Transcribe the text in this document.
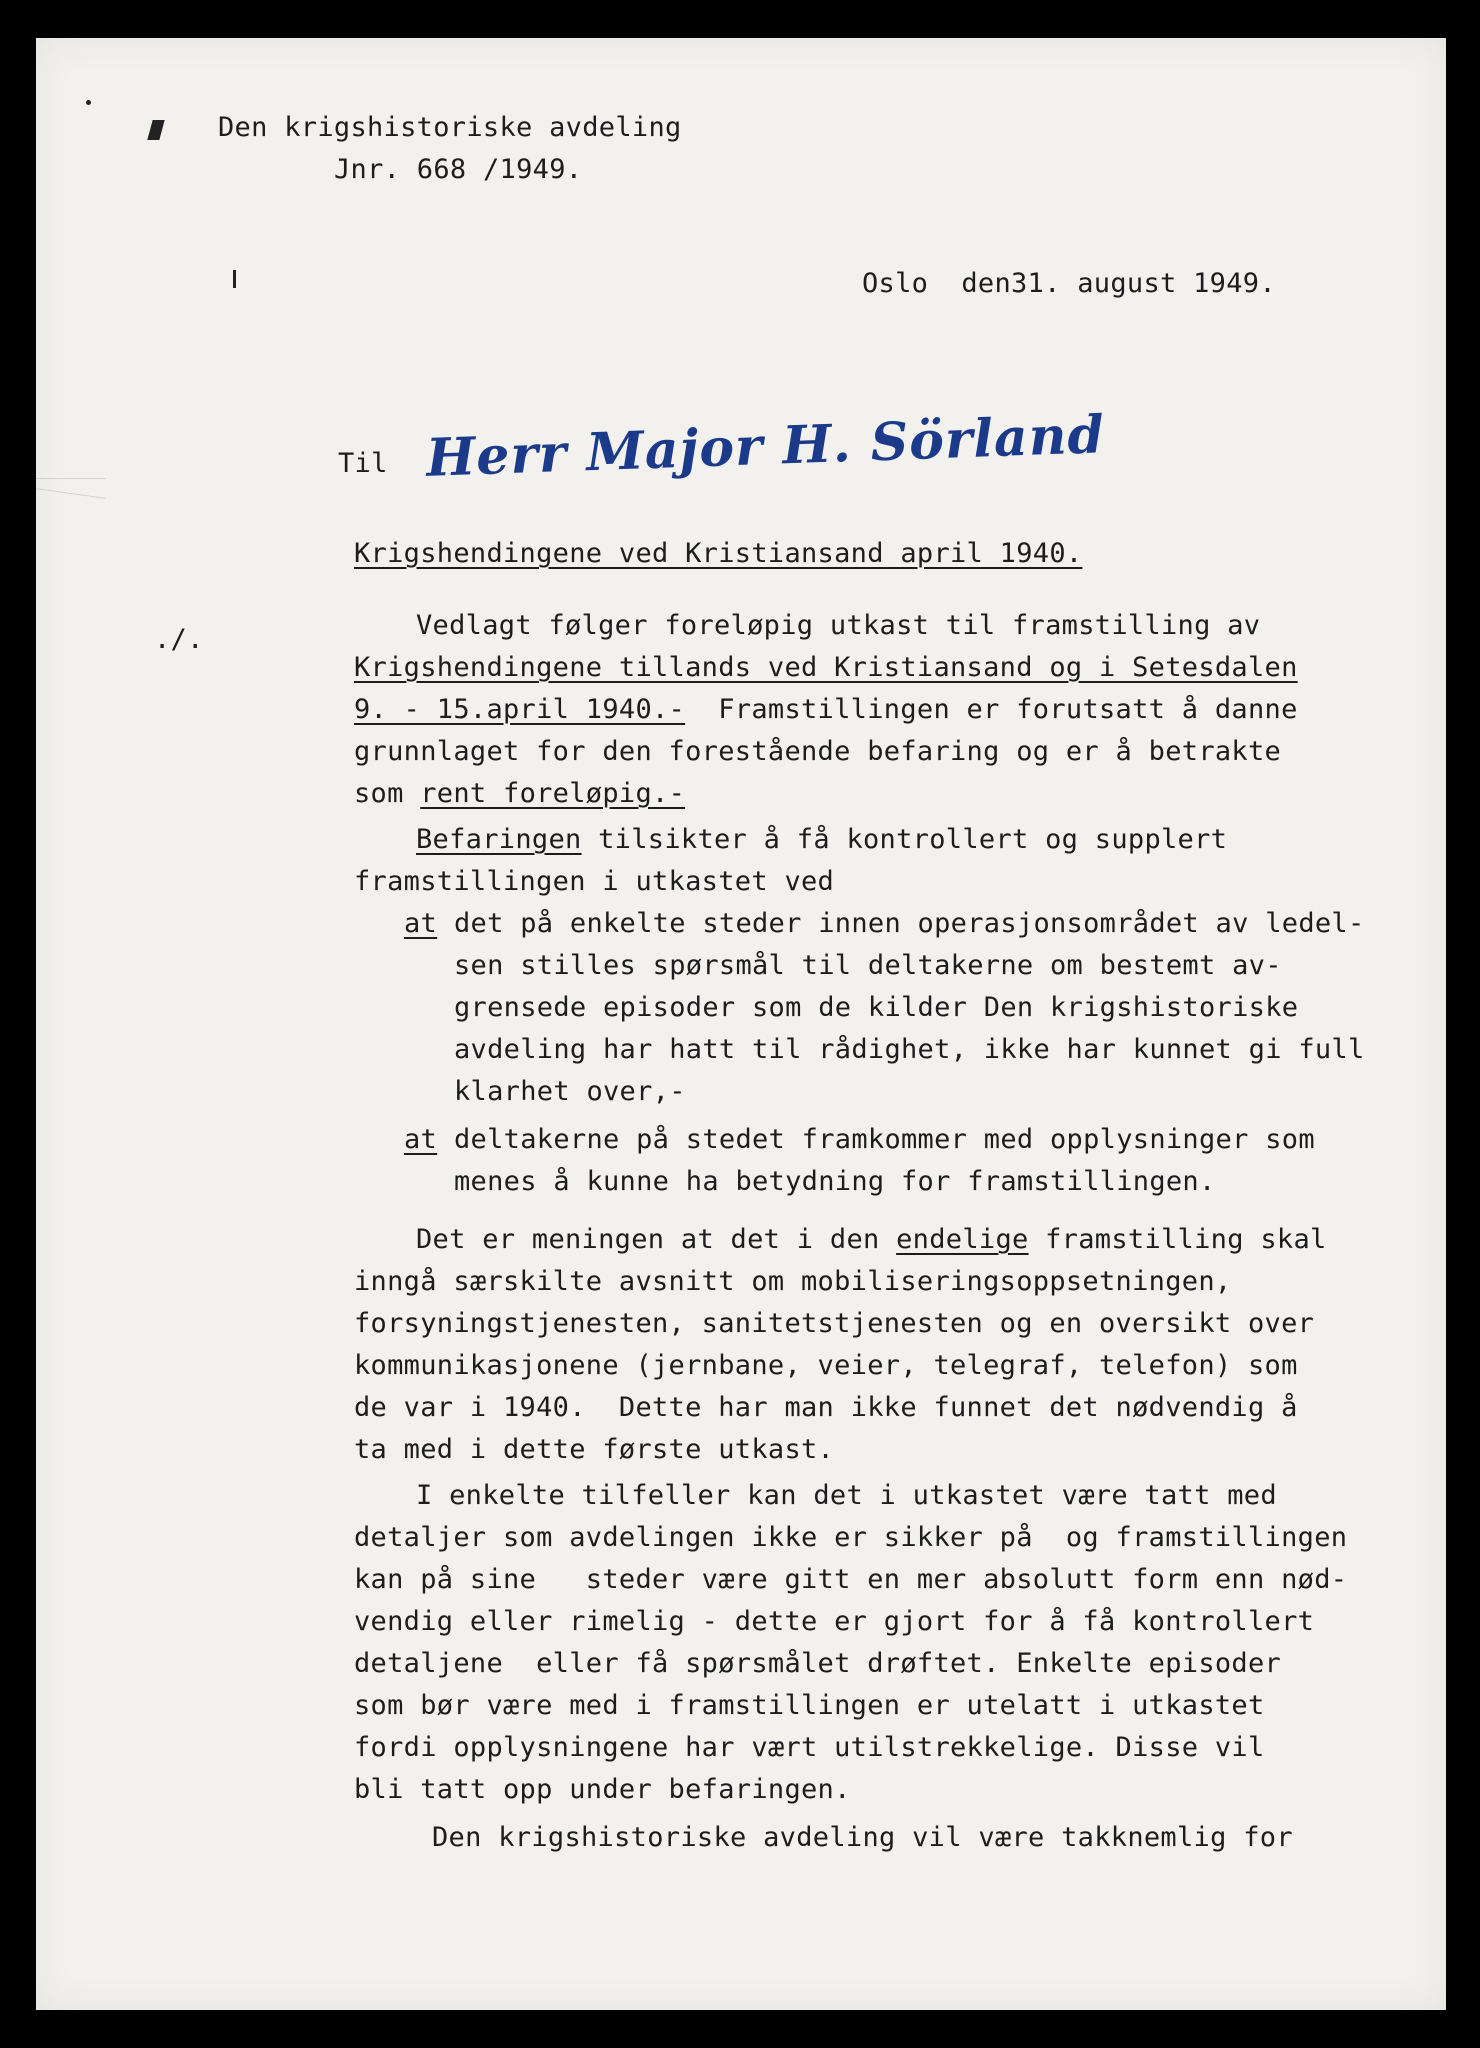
Den krigshistoriske avdeling
Jnr. 668 /1949.
Oslo  den31. august 1949.
Til Herr Major H. Sörland
Krigshendingene ved Kristiansand april 1940.
./.	Vedlagt følger foreløpig utkast til framstilling av
Krigshendingene tillands ved Kristiansand og i Setesdalen
9. - 15.april 1940.-  Framstillingen er forutsatt å danne
grunnlaget for den forestående befaring og er å betrakte
som rent foreløpig.-
Befaringen tilsikter å få kontrollert og supplert
framstillingen i utkastet ved
at det på enkelte steder innen operasjonsområdet av ledel-
sen stilles spørsmål til deltakerne om bestemt av-
grensede episoder som de kilder Den krigshistoriske
avdeling har hatt til rådighet, ikke har kunnet gi full
klarhet over,-
at deltakerne på stedet framkommer med opplysninger som
menes å kunne ha betydning for framstillingen.
Det er meningen at det i den endelige framstilling skal
inngå særskilte avsnitt om mobiliseringsoppsetningen,
forsyningstjenesten, sanitetstjenesten og en oversikt over
kommunikasjonene (jernbane, veier, telegraf, telefon) som
de var i 1940.  Dette har man ikke funnet det nødvendig å
ta med i dette første utkast.
I enkelte tilfeller kan det i utkastet være tatt med
detaljer som avdelingen ikke er sikker på  og framstillingen
kan på sine   steder være gitt en mer absolutt form enn nød-
vendig eller rimelig - dette er gjort for å få kontrollert
detaljene  eller få spørsmålet drøftet. Enkelte episoder
som bør være med i framstillingen er utelatt i utkastet
fordi opplysningene har vært utilstrekkelige. Disse vil
bli tatt opp under befaringen.
Den krigshistoriske avdeling vil være takknemlig for
